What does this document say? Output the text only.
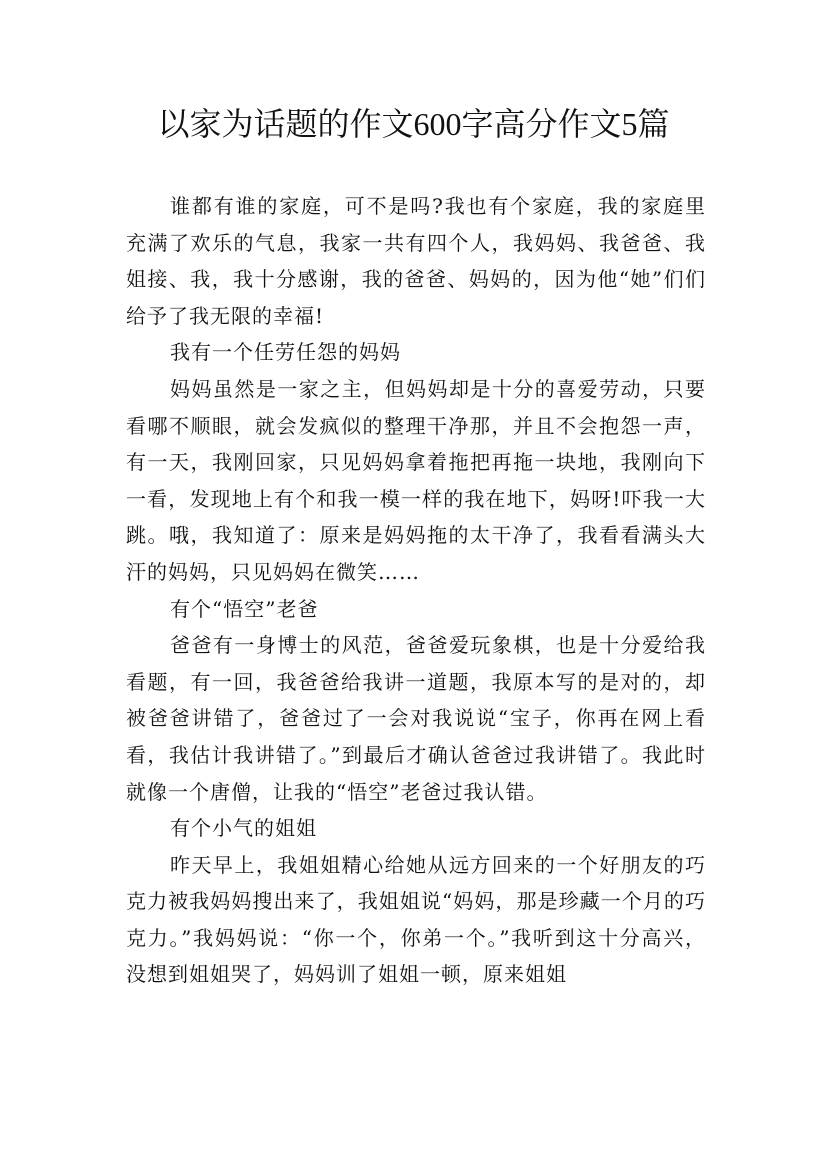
以家为话题的作文600字高分作文5篇

谁都有谁的家庭，可不是吗?我也有个家庭，我的家庭里充满了欢乐的气息，我家一共有四个人，我妈妈、我爸爸、我姐接、我，我十分感谢，我的爸爸、妈妈的，因为他“她”们们给予了我无限的幸福!

我有一个任劳任怨的妈妈

妈妈虽然是一家之主，但妈妈却是十分的喜爱劳动，只要看哪不顺眼，就会发疯似的整理干净那，并且不会抱怨一声，有一天，我刚回家，只见妈妈拿着拖把再拖一块地，我刚向下一看，发现地上有个和我一模一样的我在地下，妈呀!吓我一大跳。哦，我知道了：原来是妈妈拖的太干净了，我看看满头大汗的妈妈，只见妈妈在微笑……

有个“悟空”老爸

爸爸有一身博士的风范，爸爸爱玩象棋，也是十分爱给我看题，有一回，我爸爸给我讲一道题，我原本写的是对的，却被爸爸讲错了，爸爸过了一会对我说说“宝子，你再在网上看看，我估计我讲错了。”到最后才确认爸爸过我讲错了。我此时就像一个唐僧，让我的“悟空”老爸过我认错。

有个小气的姐姐

昨天早上，我姐姐精心给她从远方回来的一个好朋友的巧克力被我妈妈搜出来了，我姐姐说“妈妈，那是珍藏一个月的巧克力。”我妈妈说：“你一个，你弟一个。”我听到这十分高兴，没想到姐姐哭了，妈妈训了姐姐一顿，原来姐姐
